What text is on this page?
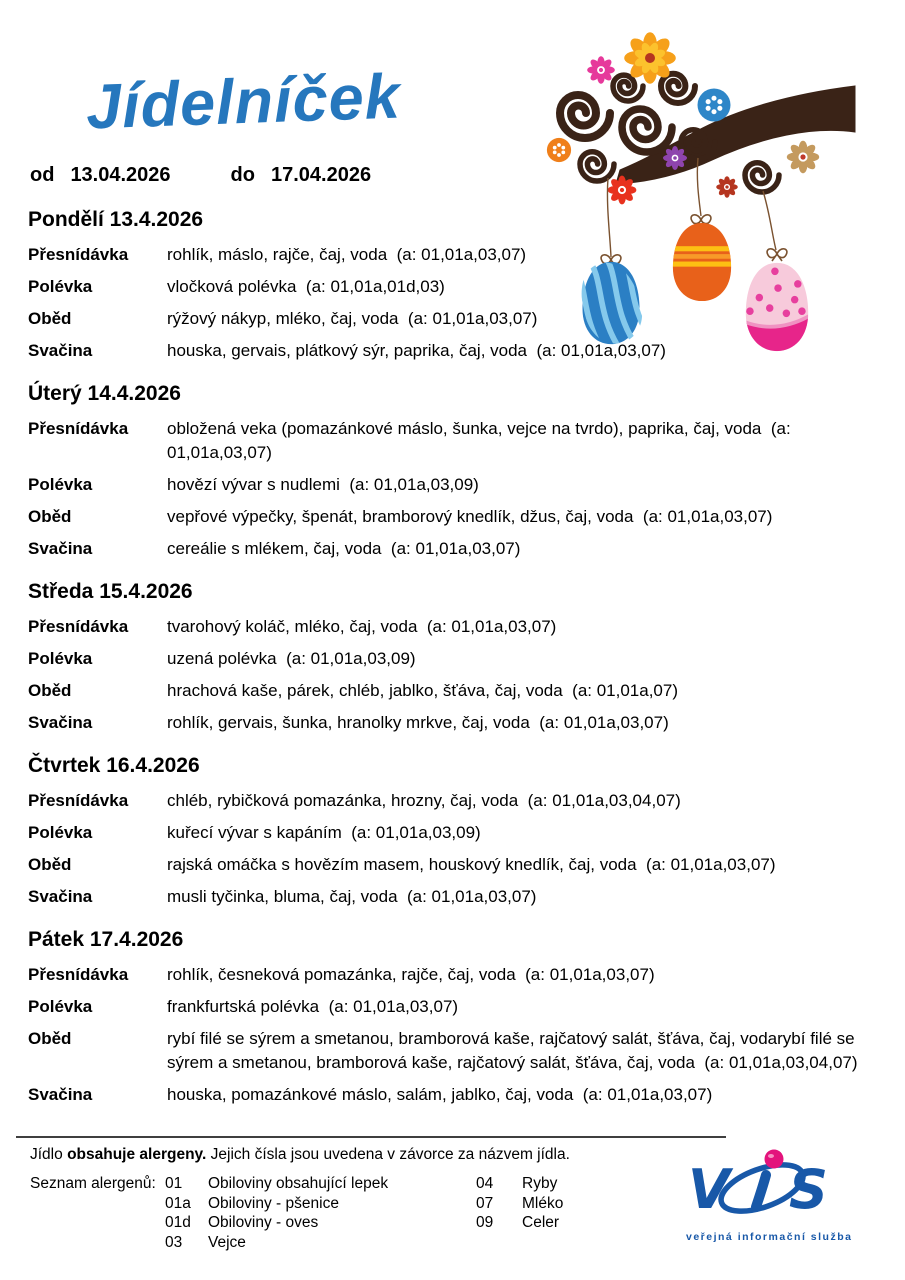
Jídelníček
od 13.04.2026	do 17.04.2026
Pondělí 13.4.2026
Přesnídávka	rohlík, máslo, rajče, čaj, voda  (a: 01,01a,03,07)
Polévka	vločková polévka  (a: 01,01a,01d,03)
Oběd	rýžový nákyp, mléko, čaj, voda  (a: 01,01a,03,07)
Svačina	houska, gervais, plátkový sýr, paprika, čaj, voda  (a: 01,01a,03,07)
Úterý 14.4.2026
Přesnídávka	obložená veka (pomazánkové máslo, šunka, vejce na tvrdo), paprika, čaj, voda  (a: 01,01a,03,07)
Polévka	hovězí vývar s nudlemi  (a: 01,01a,03,09)
Oběd	vepřové výpečky, špenát, bramborový knedlík, džus, čaj, voda  (a: 01,01a,03,07)
Svačina	cereálie s mlékem, čaj, voda  (a: 01,01a,03,07)
Středa 15.4.2026
Přesnídávka	tvarohový koláč, mléko, čaj, voda  (a: 01,01a,03,07)
Polévka	uzená polévka  (a: 01,01a,03,09)
Oběd	hrachová kaše, párek, chléb, jablko, šťáva, čaj, voda  (a: 01,01a,07)
Svačina	rohlík, gervais, šunka, hranolky mrkve, čaj, voda  (a: 01,01a,03,07)
Čtvrtek 16.4.2026
Přesnídávka	chléb, rybičková pomazánka, hrozny, čaj, voda  (a: 01,01a,03,04,07)
Polévka	kuřecí vývar s kapáním  (a: 01,01a,03,09)
Oběd	rajská omáčka s hovězím masem, houskový knedlík, čaj, voda  (a: 01,01a,03,07)
Svačina	musli tyčinka, bluma, čaj, voda  (a: 01,01a,03,07)
Pátek 17.4.2026
Přesnídávka	rohlík, česneková pomazánka, rajče, čaj, voda  (a: 01,01a,03,07)
Polévka	frankfurtská polévka  (a: 01,01a,03,07)
Oběd	rybí filé se sýrem a smetanou, bramborová kaše, rajčatový salát, šťáva, čaj, vodarybí filé se sýrem a smetanou, bramborová kaše, rajčatový salát, šťáva, čaj, voda  (a: 01,01a,03,04,07)
Svačina	houska, pomazánkové máslo, salám, jablko, čaj, voda  (a: 01,01a,03,07)
Jídlo obsahuje alergeny. Jejich čísla jsou uvedena v závorce za názvem jídla.
Seznam alergenů: 01	Obiloviny obsahující lepek
01a	Obiloviny - pšenice
01d	Obiloviny - oves
03	Vejce
04	Ryby
07	Mléko
09	Celer
V S
veřejná informační služba
